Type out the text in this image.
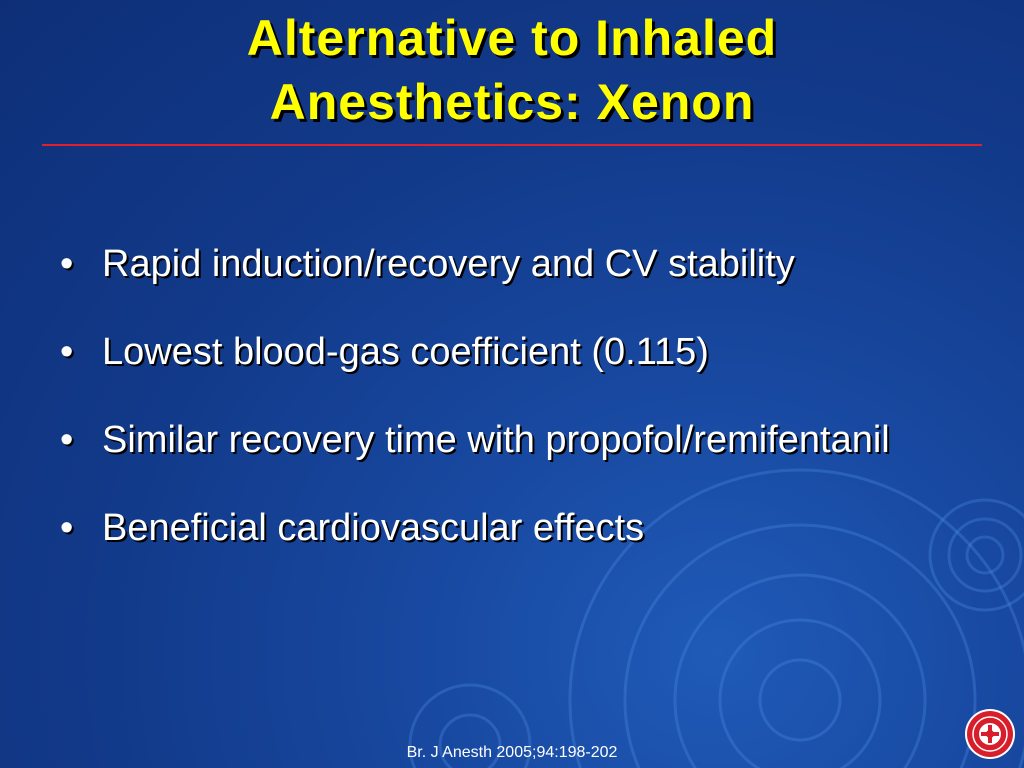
Alternative to Inhaled
Anesthetics: Xenon
• Rapid induction/recovery and CV stability
• Lowest blood-gas coefficient (0.115)
• Similar recovery time with propofol/remifentanil
• Beneficial cardiovascular effects
Br. J Anesth 2005;94:198-202
